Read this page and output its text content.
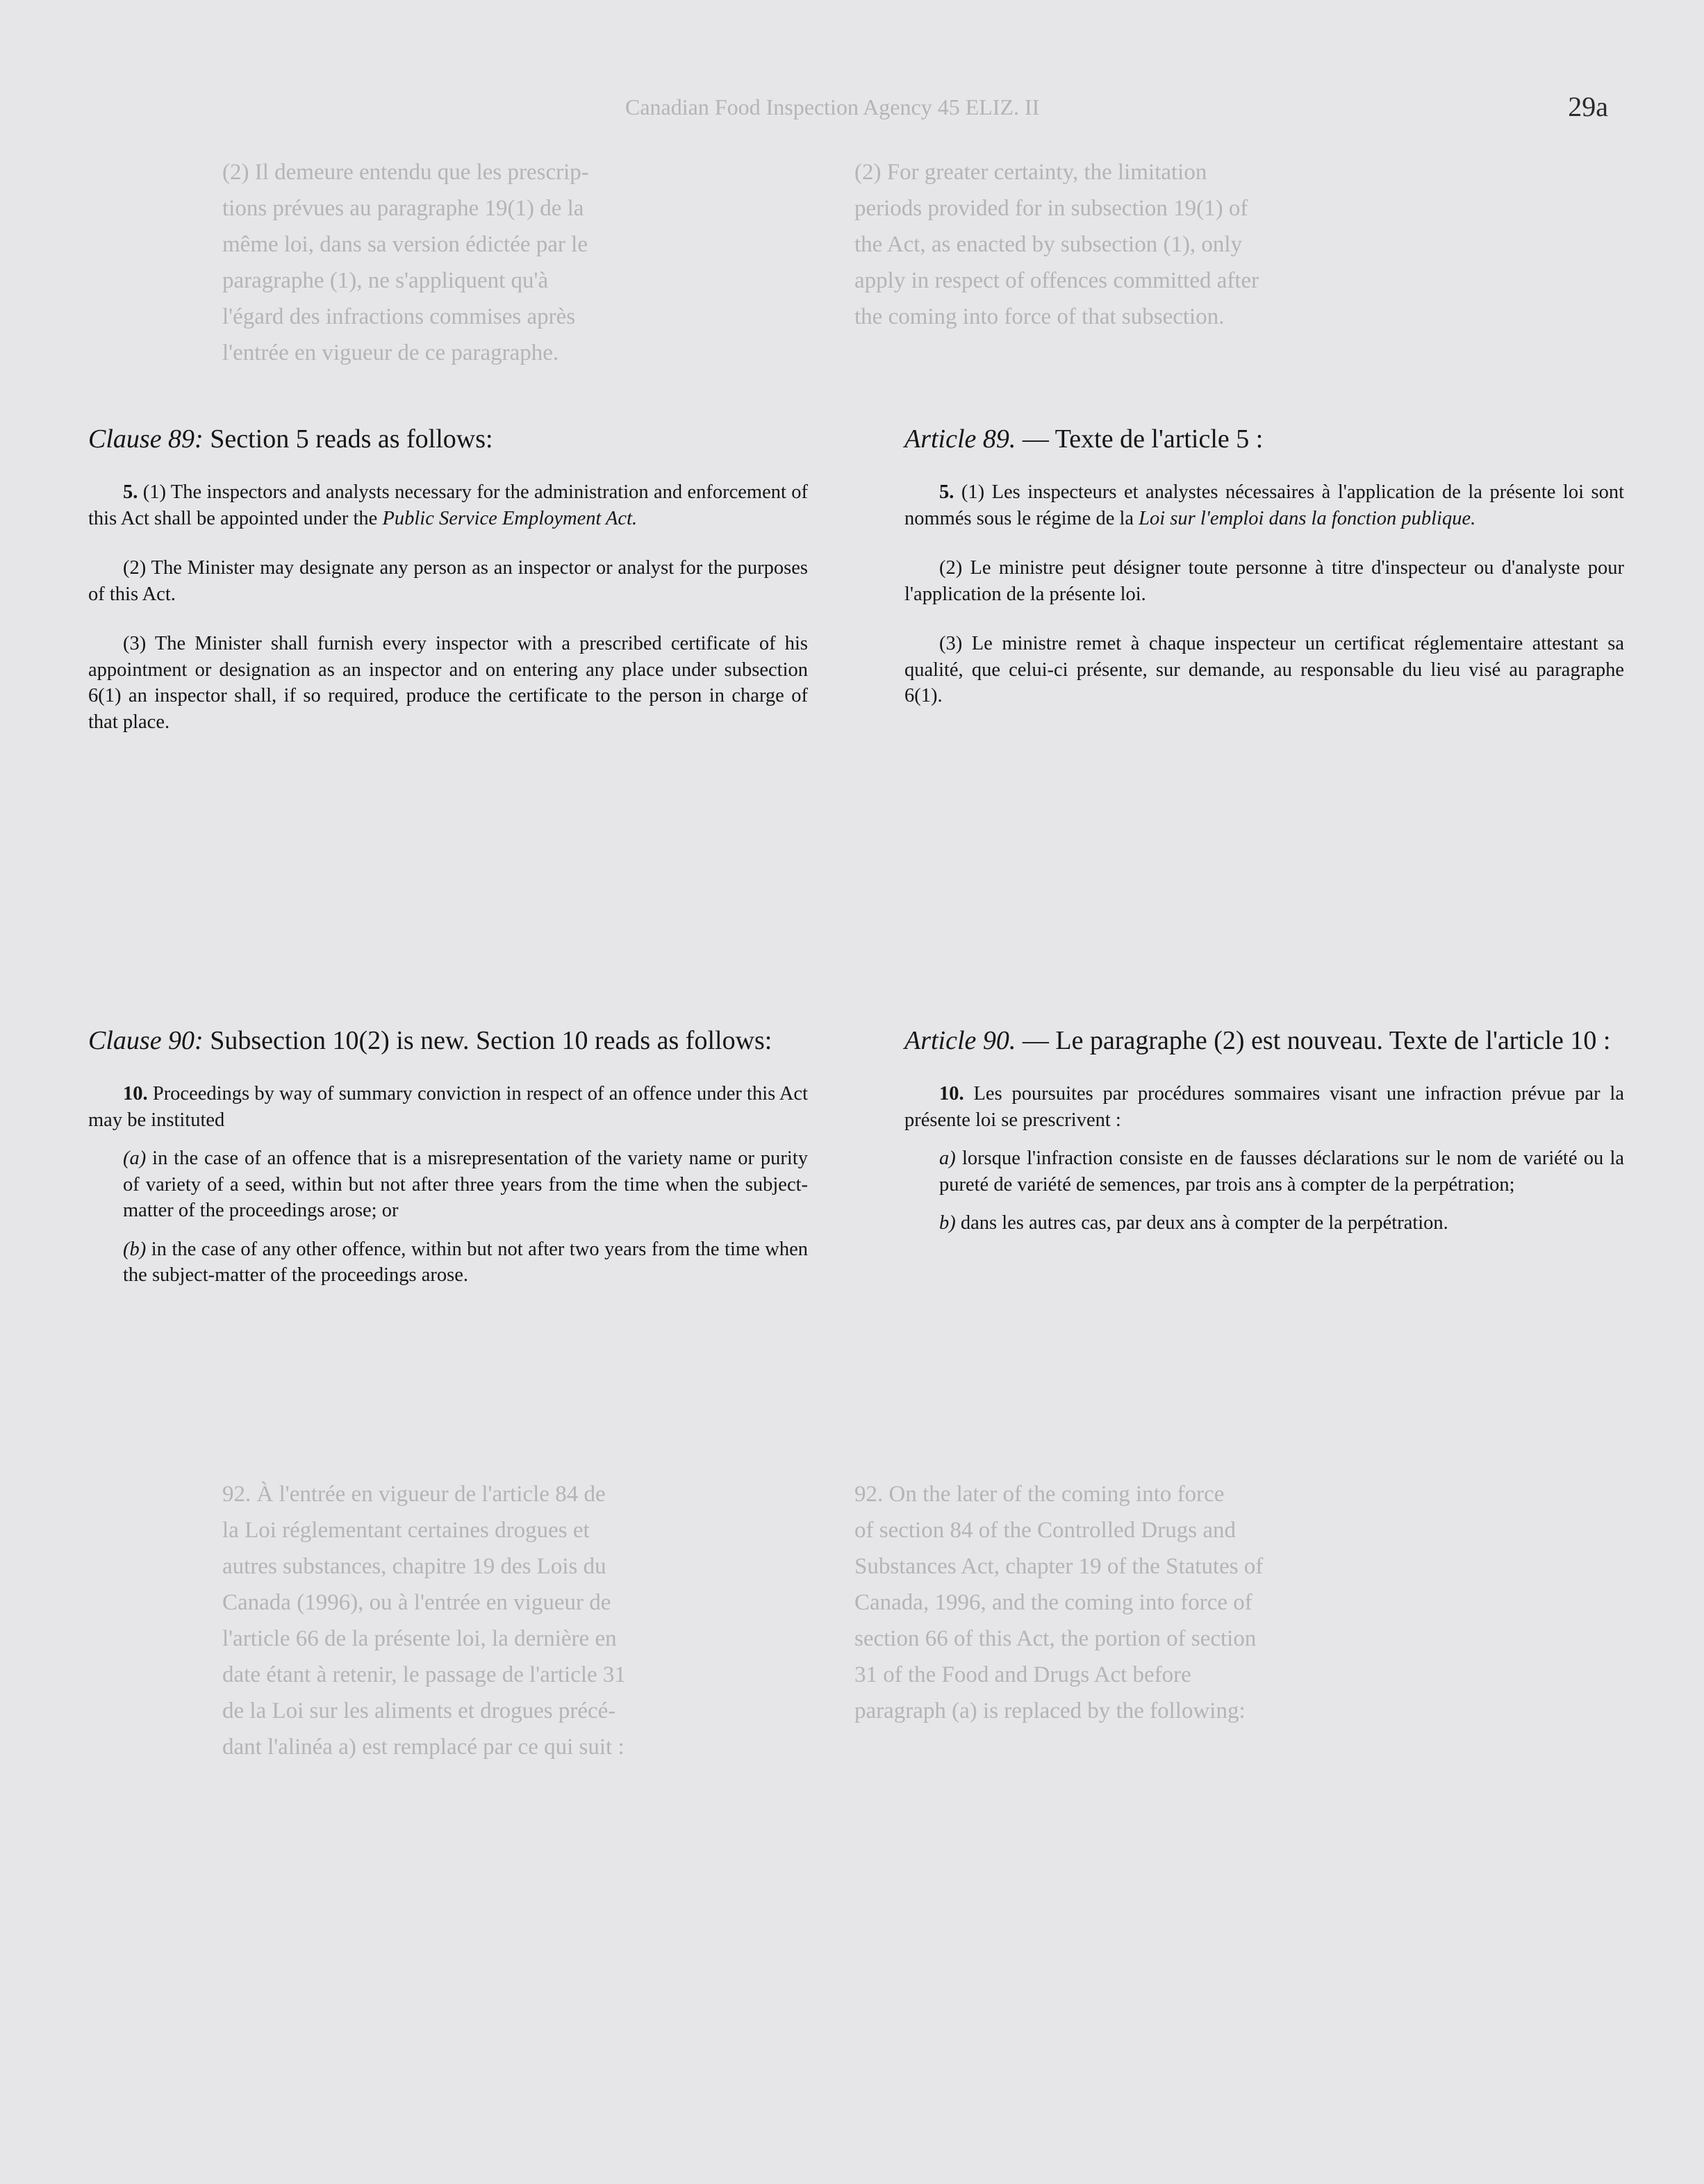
29a
Canadian Food Inspection Agency 45 ELIZ. II
(2) Il demeure entendu que les prescrip-
tions prévues au paragraphe 19(1) de la
même loi, dans sa version édictée par le
paragraphe (1), ne s'appliquent qu'à
l'égard des infractions commises après
l'entrée en vigueur de ce paragraphe.
(2) For greater certainty, the limitation
periods provided for in subsection 19(1) of
the Act, as enacted by subsection (1), only
apply in respect of offences committed after
the coming into force of that subsection.
92. À l'entrée en vigueur de l'article 84 de
la Loi réglementant certaines drogues et
autres substances, chapitre 19 des Lois du
Canada (1996), ou à l'entrée en vigueur de
l'article 66 de la présente loi, la dernière en
date étant à retenir, le passage de l'article 31
de la Loi sur les aliments et drogues précé-
dant l'alinéa a) est remplacé par ce qui suit :
92. On the later of the coming into force
of section 84 of the Controlled Drugs and
Substances Act, chapter 19 of the Statutes of
Canada, 1996, and the coming into force of
section 66 of this Act, the portion of section
31 of the Food and Drugs Act before
paragraph (a) is replaced by the following:

Clause 89: Section 5 reads as follows:

5. (1) The inspectors and analysts necessary for the administration and enforcement of this Act shall be appointed under the Public Service Employment Act.

(2) The Minister may designate any person as an inspector or analyst for the purposes of this Act.

(3) The Minister shall furnish every inspector with a prescribed certificate of his appointment or designation as an inspector and on entering any place under subsection 6(1) an inspector shall, if so required, produce the certificate to the person in charge of that place.

Clause 90: Subsection 10(2) is new. Section 10 reads as follows:

10. Proceedings by way of summary conviction in respect of an offence under this Act may be instituted

(a) in the case of an offence that is a misrepresentation of the variety name or purity of variety of a seed, within but not after three years from the time when the subject-matter of the proceedings arose; or

(b) in the case of any other offence, within but not after two years from the time when the subject-matter of the proceedings arose.

Article 89. — Texte de l'article 5 :

5. (1) Les inspecteurs et analystes nécessaires à l'application de la présente loi sont nommés sous le régime de la Loi sur l'emploi dans la fonction publique.

(2) Le ministre peut désigner toute personne à titre d'inspecteur ou d'analyste pour l'application de la présente loi.

(3) Le ministre remet à chaque inspecteur un certificat réglementaire attestant sa qualité, que celui-ci présente, sur demande, au responsable du lieu visé au paragraphe 6(1).

Article 90. — Le paragraphe (2) est nouveau. Texte de l'article 10 :

10. Les poursuites par procédures sommaires visant une infraction prévue par la présente loi se prescrivent :

a) lorsque l'infraction consiste en de fausses déclarations sur le nom de variété ou la pureté de variété de semences, par trois ans à compter de la perpétration;

b) dans les autres cas, par deux ans à compter de la perpétration.
